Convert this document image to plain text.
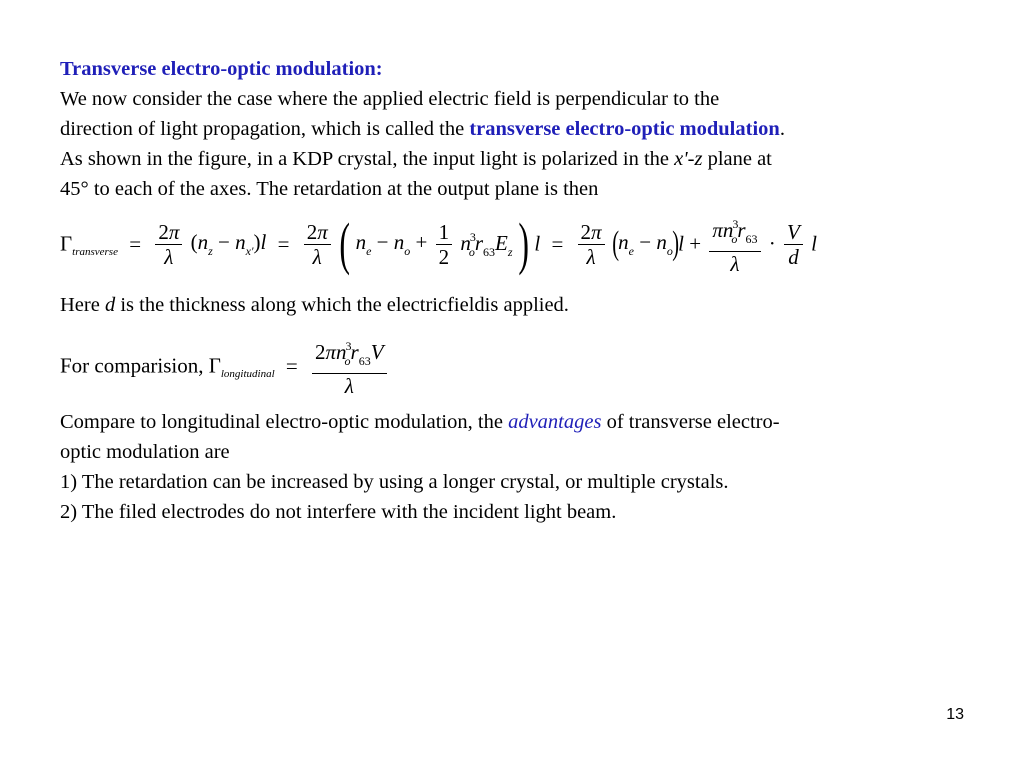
Transverse electro-optic modulation:
We now consider the case where the applied electric field is perpendicular to the
direction of light propagation, which is called the transverse electro-optic modulation.
As shown in the figure, in a KDP crystal, the input light is polarized in the x'-z plane at
45° to each of the axes. The retardation at the output plane is then
$\Gamma_{transverse} = \frac{2\pi}{\lambda} (n_z - n_{x'})l = \frac{2\pi}{\lambda}$ ( $n_e - n_o + \frac{1}{2} n^3_or_{63}E_z$ ) $l = \frac{2\pi}{\lambda} (n_e - n_o)l + \frac{\pi n^3_or_{63}}{\lambda} \cdot \frac{V}{d}$ l
Here d is the thickness along which the electricfieldis applied.
For comparision, $\Gamma_{longitudinal} = \frac{2\pi n^3_or_{63}V}{\lambda}$
Compare to longitudinal electro-optic modulation, the advantages of transverse electro-
optic modulation are
1) The retardation can be increased by using a longer crystal, or multiple crystals.
2) The filed electrodes do not interfere with the incident light beam.
13
